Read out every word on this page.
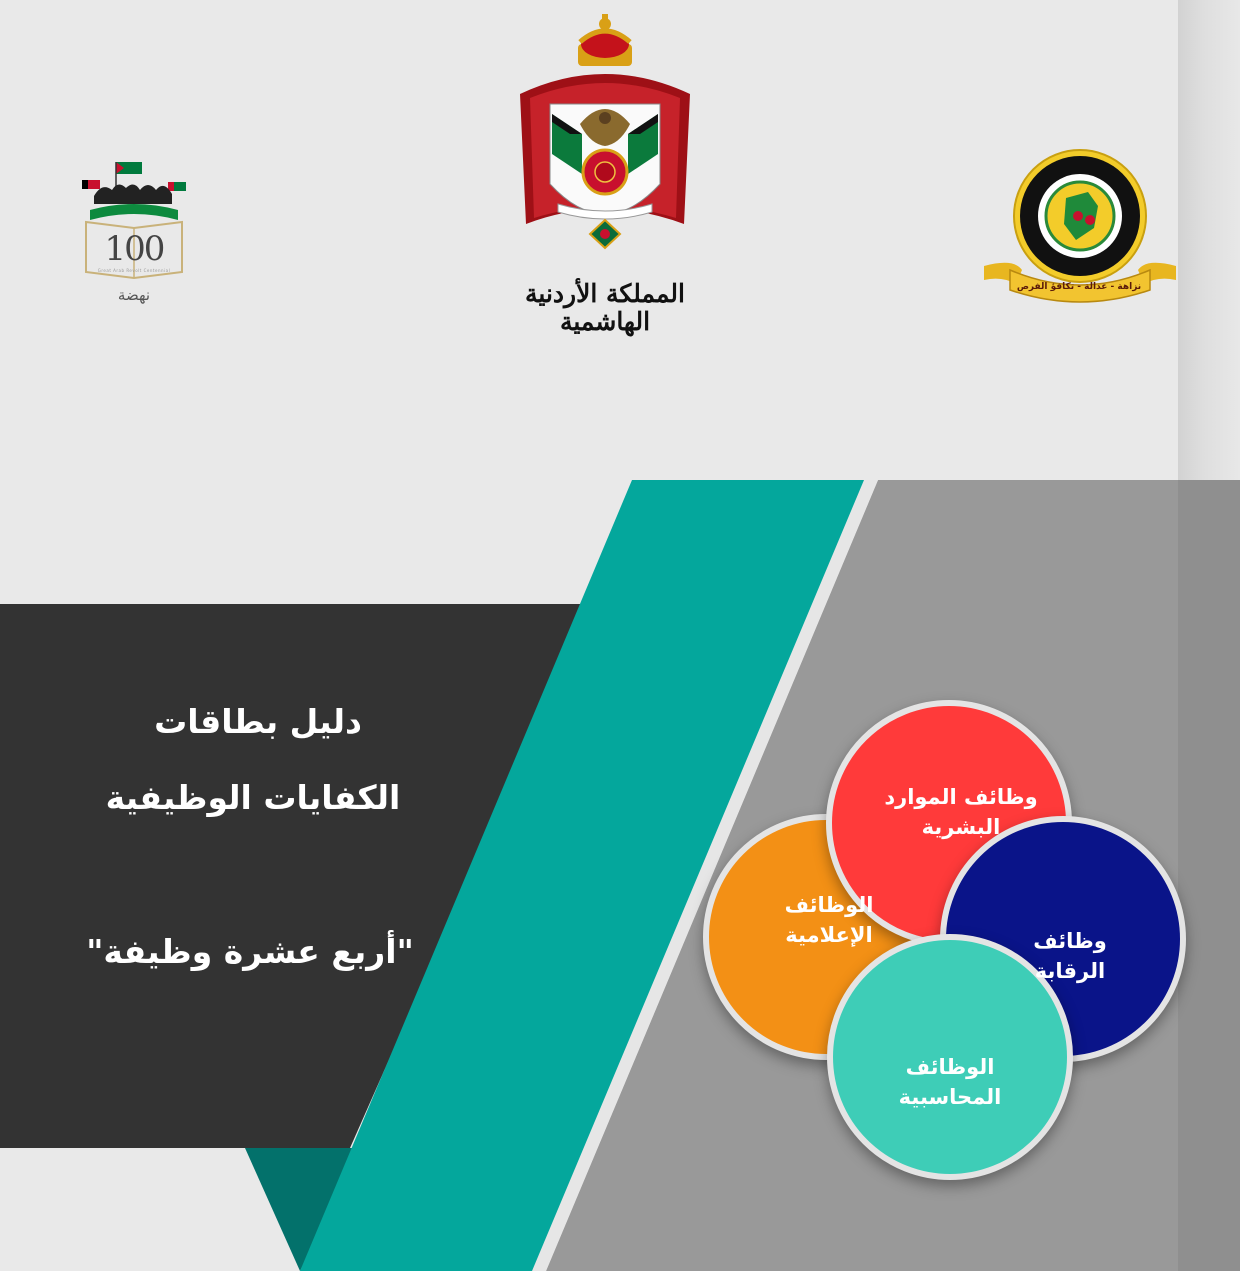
100
Great Arab Revolt Centennial
نهضة	المملكة الأردنية الهاشمية
نزاهة - عدالة - تكافؤ الفرص
دليل بطاقات
الكفايات الوظيفية
"أربع عشرة وظيفة"
وظائف الموارد
البشرية
وظائف
الرقابة
الوظائف
الإعلامية
الوظائف
المحاسبية
